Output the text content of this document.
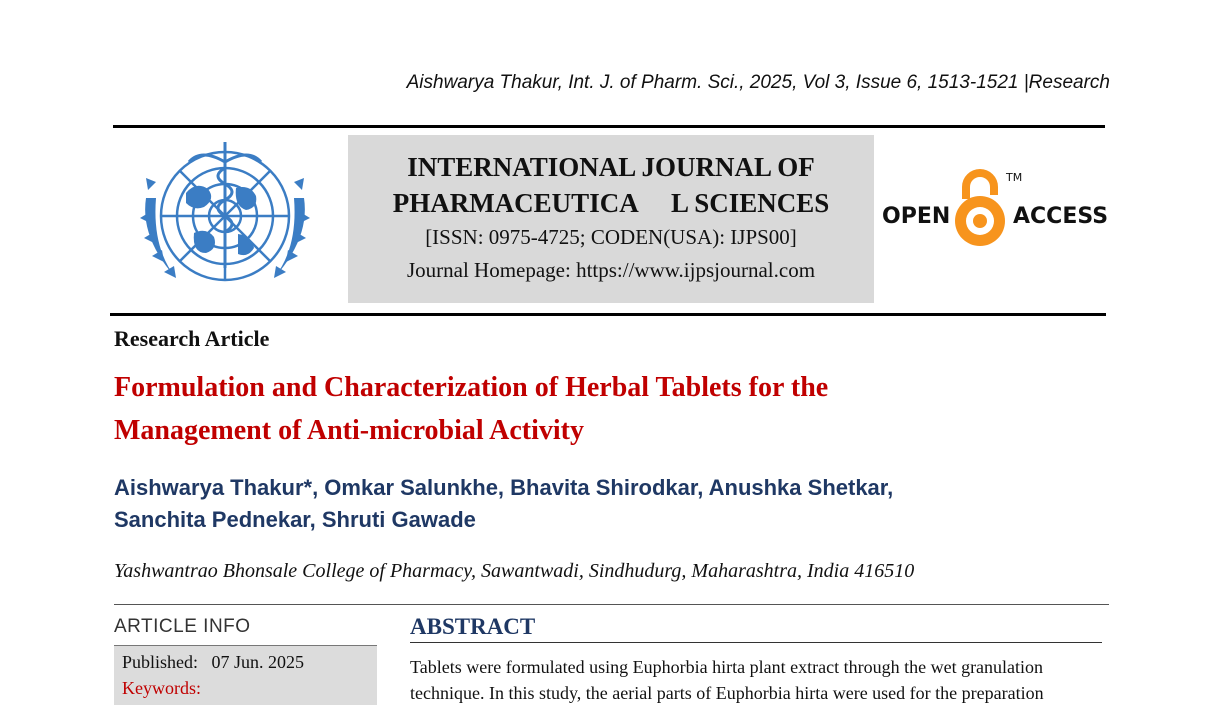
Aishwarya Thakur, Int. J. of Pharm. Sci., 2025, Vol 3, Issue 6, 1513-1521 |Research
INTERNATIONAL JOURNAL OF
PHARMACEUTICA     L SCIENCES
[ISSN: 0975-4725; CODEN(USA): IJPS00]
Journal Homepage: https://www.ijpsjournal.com
OPEN
TM
ACCESS
Research Article
Formulation and Characterization of Herbal Tablets for the
Management of Anti-microbial Activity
Aishwarya Thakur*, Omkar Salunkhe, Bhavita Shirodkar, Anushka Shetkar,
Sanchita Pednekar, Shruti Gawade
Yashwantrao Bhonsale College of Pharmacy, Sawantwadi, Sindhudurg, Maharashtra, India 416510
ARTICLE INFO
Published: 07 Jun. 2025
Keywords:
ABSTRACT
Tablets were formulated using Euphorbia hirta plant extract through the wet granulation
technique. In this study, the aerial parts of Euphorbia hirta were used for the preparation
